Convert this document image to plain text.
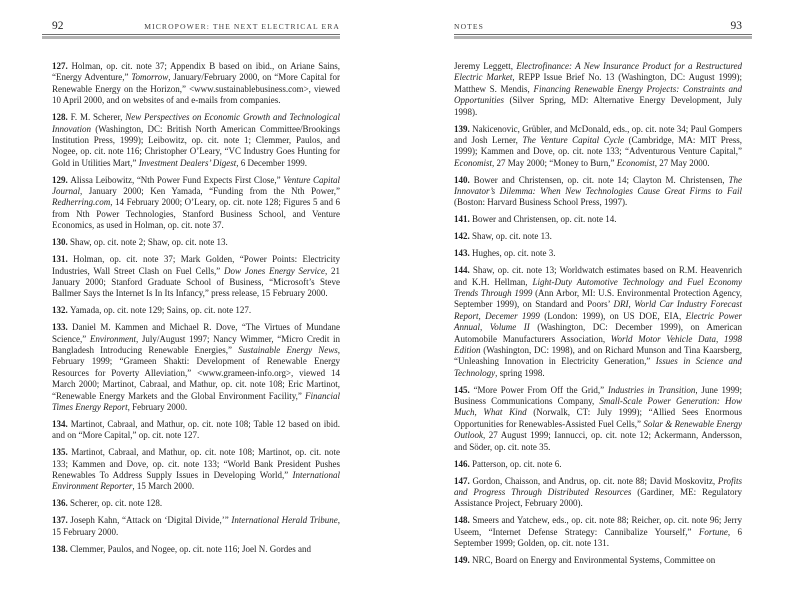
92	MICROPOWER: THE NEXT ELECTRICAL ERA

127. Holman, op. cit. note 37; Appendix B based on ibid., on Ariane Sains, “Energy Adventure,” Tomorrow, January/February 2000, on “More Capital for Renewable Energy on the Horizon,” <www.sustainablebusiness.com>, viewed 10 April 2000, and on websites of and e-mails from companies.

128. F. M. Scherer, New Perspectives on Economic Growth and Technological Innovation (Washington, DC: British North American Committee/Brookings Institution Press, 1999); Leibowitz, op. cit. note 1; Clemmer, Paulos, and Nogee, op. cit. note 116; Christopher O’Leary, “VC Industry Goes Hunting for Gold in Utilities Mart,” Investment Dealers’ Digest, 6 December 1999.

129. Alissa Leibowitz, “Nth Power Fund Expects First Close,” Venture Capital Journal, January 2000; Ken Yamada, “Funding from the Nth Power,” Redherring.com, 14 February 2000; O’Leary, op. cit. note 128; Figures 5 and 6 from Nth Power Technologies, Stanford Business School, and Venture Economics, as used in Holman, op. cit. note 37.

130. Shaw, op. cit. note 2; Shaw, op. cit. note 13.

131. Holman, op. cit. note 37; Mark Golden, “Power Points: Electricity Industries, Wall Street Clash on Fuel Cells,” Dow Jones Energy Service, 21 January 2000; Stanford Graduate School of Business, “Microsoft’s Steve Ballmer Says the Internet Is In Its Infancy,” press release, 15 February 2000.

132. Yamada, op. cit. note 129; Sains, op. cit. note 127.

133. Daniel M. Kammen and Michael R. Dove, “The Virtues of Mundane Science,” Environment, July/August 1997; Nancy Wimmer, “Micro Credit in Bangladesh Introducing Renewable Energies,” Sustainable Energy News, February 1999; “Grameen Shakti: Development of Renewable Energy Resources for Poverty Alleviation,” <www.grameen-info.org>, viewed 14 March 2000; Martinot, Cabraal, and Mathur, op. cit. note 108; Eric Martinot, “Renewable Energy Markets and the Global Environment Facility,” Financial Times Energy Report, February 2000.

134. Martinot, Cabraal, and Mathur, op. cit. note 108; Table 12 based on ibid. and on “More Capital,” op. cit. note 127.

135. Martinot, Cabraal, and Mathur, op. cit. note 108; Martinot, op. cit. note 133; Kammen and Dove, op. cit. note 133; “World Bank President Pushes Renewables To Address Supply Issues in Developing World,” International Environment Reporter, 15 March 2000.

136. Scherer, op. cit. note 128.

137. Joseph Kahn, “Attack on ‘Digital Divide,’” International Herald Tribune, 15 February 2000.

138. Clemmer, Paulos, and Nogee, op. cit. note 116; Joel N. Gordes and

NOTES	93

Jeremy Leggett, Electrofinance: A New Insurance Product for a Restructured Electric Market, REPP Issue Brief No. 13 (Washington, DC: August 1999); Matthew S. Mendis, Financing Renewable Energy Projects: Constraints and Opportunities (Silver Spring, MD: Alternative Energy Development, July 1998).

139. Nakicenovic, Grübler, and McDonald, eds., op. cit. note 34; Paul Gompers and Josh Lerner, The Venture Capital Cycle (Cambridge, MA: MIT Press, 1999); Kammen and Dove, op. cit. note 133; “Adventurous Venture Capital,” Economist, 27 May 2000; “Money to Burn,” Economist, 27 May 2000.

140. Bower and Christensen, op. cit. note 14; Clayton M. Christensen, The Innovator’s Dilemma: When New Technologies Cause Great Firms to Fail (Boston: Harvard Business School Press, 1997).

141. Bower and Christensen, op. cit. note 14.

142. Shaw, op. cit. note 13.

143. Hughes, op. cit. note 3.

144. Shaw, op. cit. note 13; Worldwatch estimates based on R.M. Heavenrich and K.H. Hellman, Light-Duty Automotive Technology and Fuel Economy Trends Through 1999 (Ann Arbor, MI: U.S. Environmental Protection Agency, September 1999), on Standard and Poors’ DRI, World Car Industry Forecast Report, Decemer 1999 (London: 1999), on US DOE, EIA, Electric Power Annual, Volume II (Washington, DC: December 1999), on American Automobile Manufacturers Association, World Motor Vehicle Data, 1998 Edition (Washington, DC: 1998), and on Richard Munson and Tina Kaarsberg, “Unleashing Innovation in Electricity Generation,” Issues in Science and Technology, spring 1998.

145. “More Power From Off the Grid,” Industries in Transition, June 1999; Business Communications Company, Small-Scale Power Generation: How Much, What Kind (Norwalk, CT: July 1999); “Allied Sees Enormous Opportunities for Renewables-Assisted Fuel Cells,” Solar & Renewable Energy Outlook, 27 August 1999; Iannucci, op. cit. note 12; Ackermann, Andersson, and Söder, op. cit. note 35.

146. Patterson, op. cit. note 6.

147. Gordon, Chaisson, and Andrus, op. cit. note 88; David Moskovitz, Profits and Progress Through Distributed Resources (Gardiner, ME: Regulatory Assistance Project, February 2000).

148. Smeers and Yatchew, eds., op. cit. note 88; Reicher, op. cit. note 96; Jerry Useem, “Internet Defense Strategy: Cannibalize Yourself,” Fortune, 6 September 1999; Golden, op. cit. note 131.

149. NRC, Board on Energy and Environmental Systems, Committee on
